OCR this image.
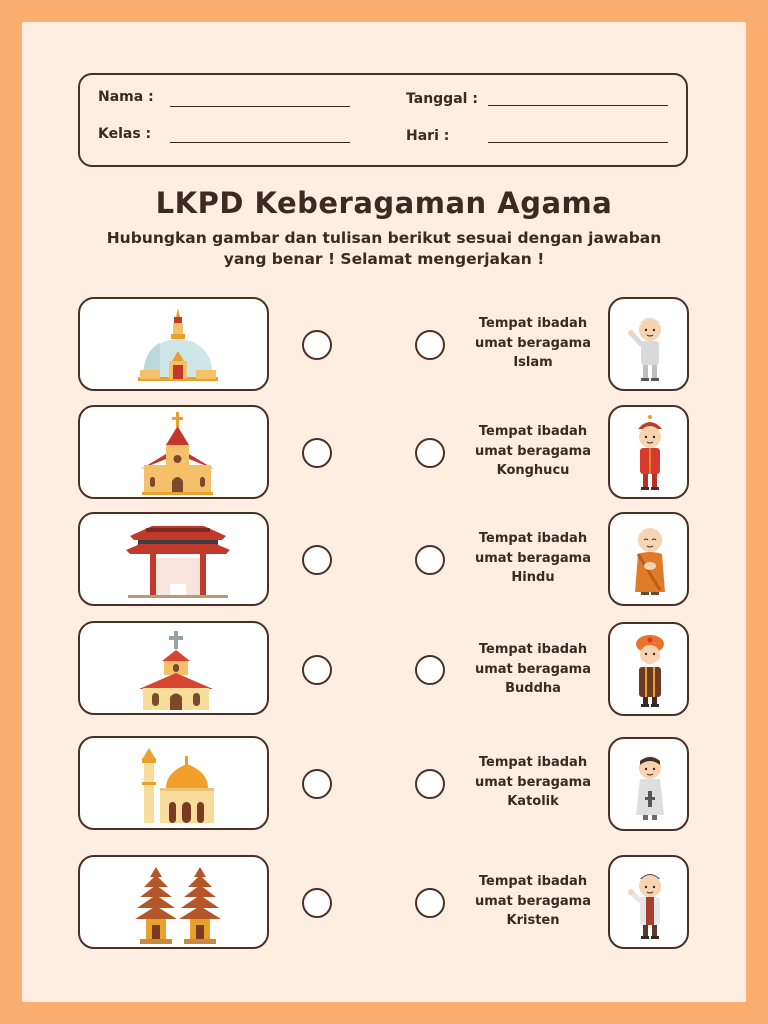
Nama :
Kelas :
Tanggal :
Hari :
LKPD Keberagaman Agama
Hubungkan gambar dan tulisan berikut sesuai dengan jawaban
yang benar ! Selamat mengerjakan !
Tempat ibadah
umat beragama
Islam
Tempat ibadah
umat beragama
Konghucu
Tempat ibadah
umat beragama
Hindu
Tempat ibadah
umat beragama
Buddha
Tempat ibadah
umat beragama
Katolik
Tempat ibadah
umat beragama
Kristen
